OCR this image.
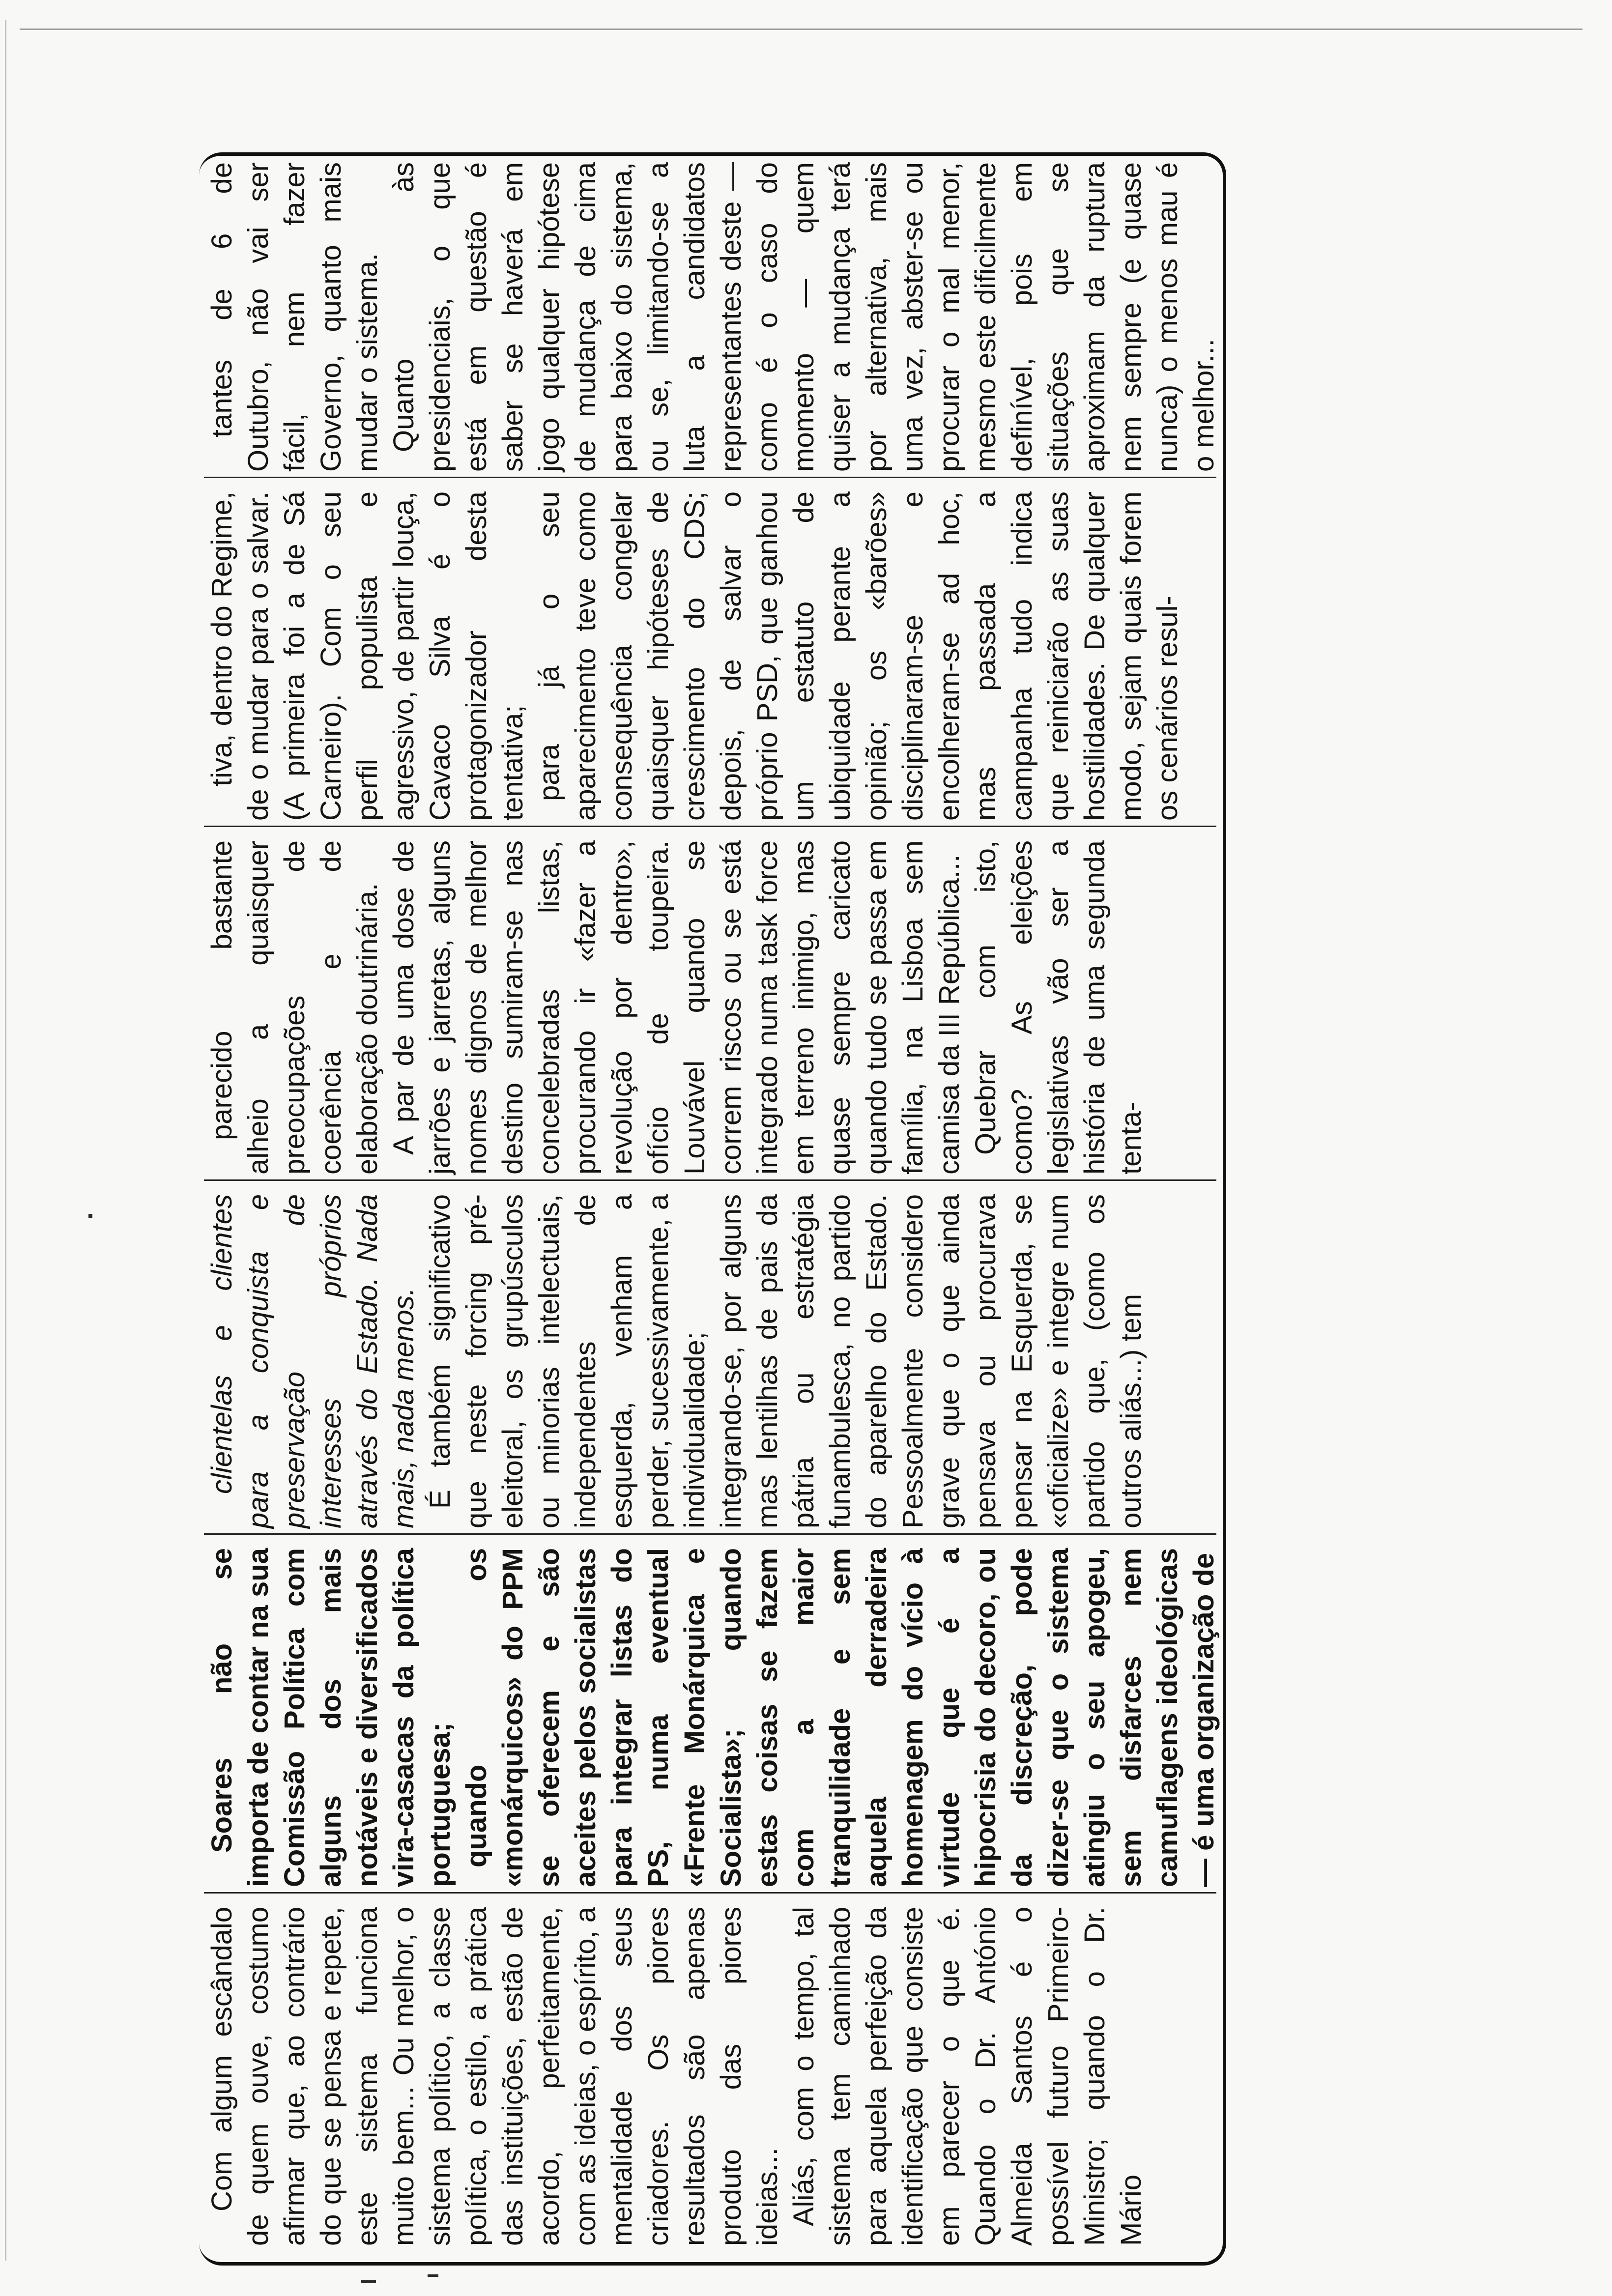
Com algum escândalo de quem ouve, costumo afirmar que, ao contrário do que se pensa e repete, este sistema funciona muito bem... Ou melhor, o sistema político, a classe política, o estilo, a prática das instituições, estão de acordo, perfeitamente, com as ideias, o espírito, a mentalidade dos seus criadores. Os piores resultados são apenas produto das piores ideias... Aliás, com o tempo, tal sistema tem caminhado para aquela perfeição da identificação que consiste em parecer o que é. Quando o Dr. António Almeida Santos é o possível futuro Primeiro-Ministro; quando o Dr. Mário

Soares não se importa de contar na sua Comissão Política com alguns dos mais notáveis e diversificados vira-casacas da política portuguesa; quando os «monárquicos» do PPM se oferecem e são aceites pelos socialistas para integrar listas do PS, numa eventual «Frente Monárquica e Socialista»; quando estas coisas se fazem com a maior tranquilidade e sem aquela derradeira homenagem do vício à virtude que é a hipocrisia do decoro, ou da discreção, pode dizer-se que o sistema atingiu o seu apogeu, sem disfarces nem camuflagens ideológicas — é uma organização de

clientelas e clientes para a conquista e preservação de interesses próprios através do Estado. Nada mais, nada menos. É também significativo que neste forcing pré-eleitoral, os grupúsculos ou minorias intelectuais, independentes de esquerda, venham a perder, sucessivamente, a individualidade; integrando-se, por alguns mas lentilhas de pais da pátria ou estratégia funambulesca, no partido do aparelho do Estado. Pessoalmente considero grave que o que ainda pensava ou procurava pensar na Esquerda, se «oficialize» e integre num partido que, (como os outros aliás...) tem

parecido bastante alheio a quaisquer preocupações de coerência e de elaboração doutrinária. A par de uma dose de jarrões e jarretas, alguns nomes dignos de melhor destino sumiram-se nas concelebradas listas, procurando ir «fazer a revolução por dentro», ofício de toupeira. Louvável quando se correm riscos ou se está integrado numa task force em terreno inimigo, mas quase sempre caricato quando tudo se passa em família, na Lisboa sem camisa da III República... Quebrar com isto, como? As eleições legislativas vão ser a história de uma segunda tenta-

tiva, dentro do Regime, de o mudar para o salvar. (A primeira foi a de Sá Carneiro). Com o seu perfil populista e agressivo, de partir louça, Cavaco Silva é o protagonizador desta tentativa; para já o seu aparecimento teve como consequência congelar quaisquer hipóteses de crescimento do CDS; depois, de salvar o próprio PSD, que ganhou um estatuto de ubiquidade perante a opinião; os «barões» disciplinaram-se e encolheram-se ad hoc, mas passada a campanha tudo indica que reiniciarão as suas hostilidades. De qualquer modo, sejam quais forem os cenários resul-

tantes de 6 de Outubro, não vai ser fácil, nem fazer Governo, quanto mais mudar o sistema. Quanto às presidenciais, o que está em questão é saber se haverá em jogo qualquer hipótese de mudança de cima para baixo do sistema, ou se, limitando-se a luta a candidatos representantes deste — como é o caso do momento — quem quiser a mudança terá por alternativa, mais uma vez, abster-se ou procurar o mal menor, mesmo este dificilmente definível, pois em situações que se aproximam da ruptura nem sempre (e quase nunca) o menos mau é o melhor...
